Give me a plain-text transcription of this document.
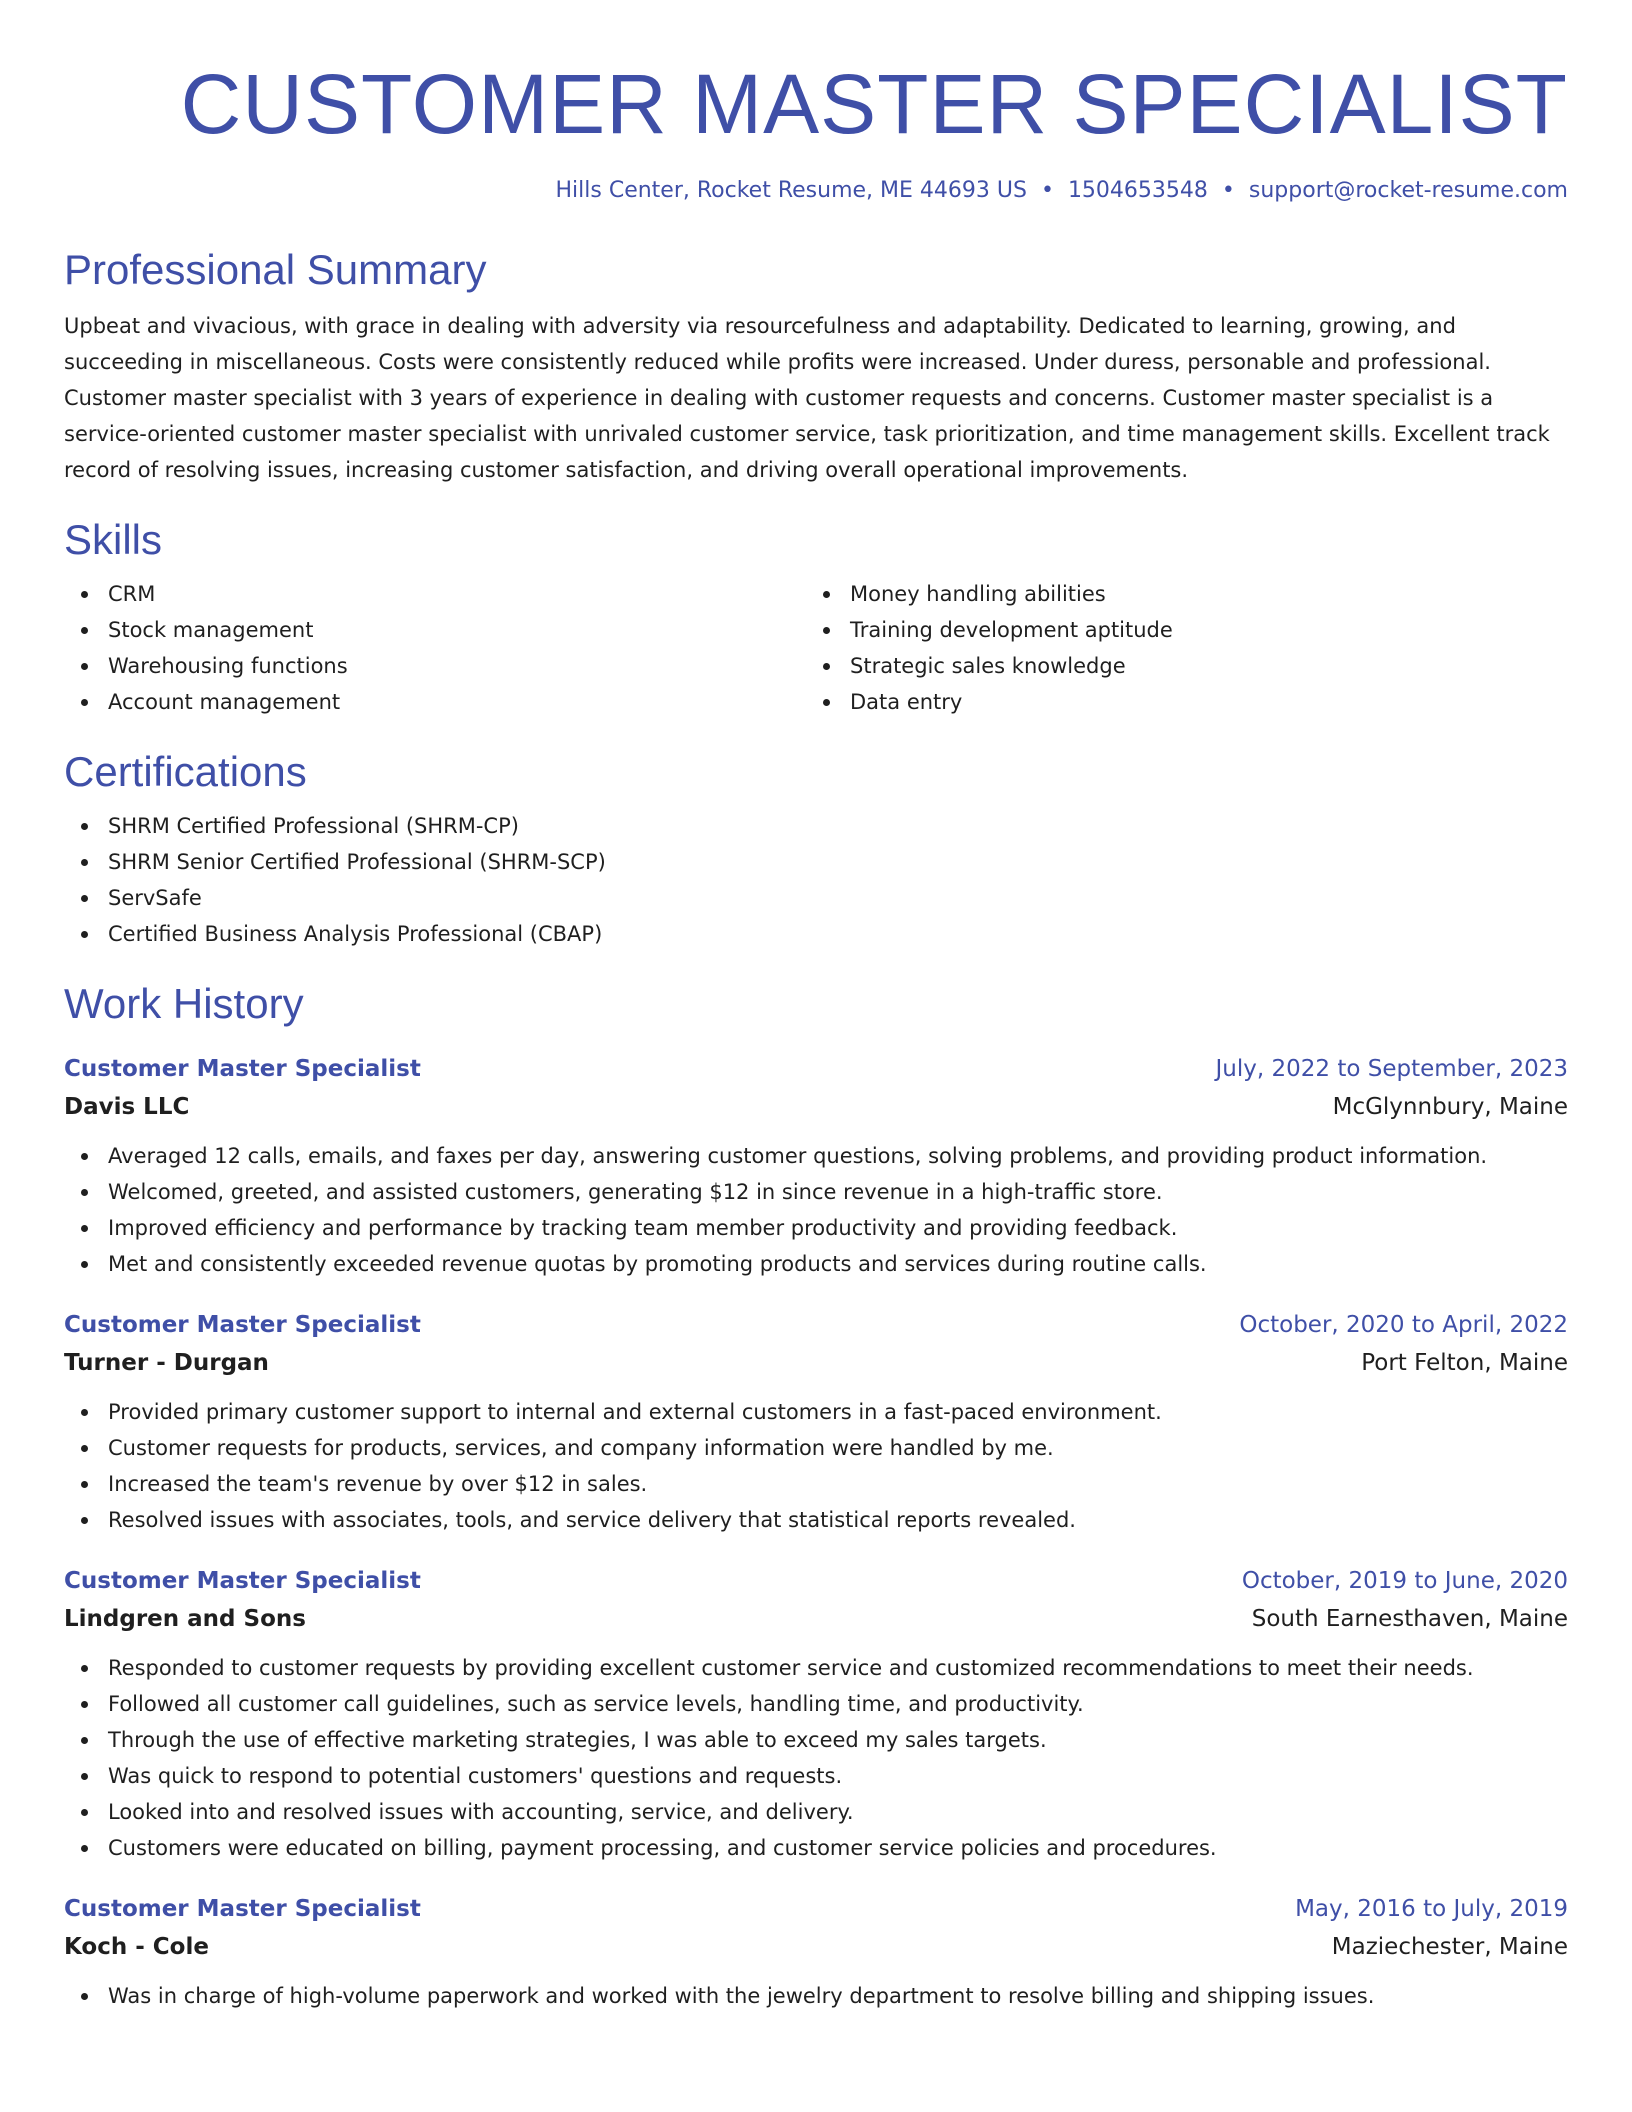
CUSTOMER MASTER SPECIALIST
Hills Center, Rocket Resume, ME 44693 US • 1504653548 • support@rocket-resume.com
Professional Summary

Upbeat and vivacious, with grace in dealing with adversity via resourcefulness and adaptability. Dedicated to learning, growing, and succeeding in miscellaneous. Costs were consistently reduced while profits were increased. Under duress, personable and professional. Customer master specialist with 3 years of experience in dealing with customer requests and concerns. Customer master specialist is a service-oriented customer master specialist with unrivaled customer service, task prioritization, and time management skills. Excellent track record of resolving issues, increasing customer satisfaction, and driving overall operational improvements.

Skills
CRM
Stock management
Warehousing functions
Account management
Money handling abilities
Training development aptitude
Strategic sales knowledge
Data entry
Certifications
SHRM Certified Professional (SHRM-CP)
SHRM Senior Certified Professional (SHRM-SCP)
ServSafe
Certified Business Analysis Professional (CBAP)
Work History
Customer Master Specialist	July, 2022 to September, 2023
Davis LLC	McGlynnbury, Maine
Averaged 12 calls, emails, and faxes per day, answering customer questions, solving problems, and providing product information.
Welcomed, greeted, and assisted customers, generating $12 in since revenue in a high-traffic store.
Improved efficiency and performance by tracking team member productivity and providing feedback.
Met and consistently exceeded revenue quotas by promoting products and services during routine calls.
Customer Master Specialist	October, 2020 to April, 2022
Turner - Durgan	Port Felton, Maine
Provided primary customer support to internal and external customers in a fast-paced environment.
Customer requests for products, services, and company information were handled by me.
Increased the team's revenue by over $12 in sales.
Resolved issues with associates, tools, and service delivery that statistical reports revealed.
Customer Master Specialist	October, 2019 to June, 2020
Lindgren and Sons	South Earnesthaven, Maine
Responded to customer requests by providing excellent customer service and customized recommendations to meet their needs.
Followed all customer call guidelines, such as service levels, handling time, and productivity.
Through the use of effective marketing strategies, I was able to exceed my sales targets.
Was quick to respond to potential customers' questions and requests.
Looked into and resolved issues with accounting, service, and delivery.
Customers were educated on billing, payment processing, and customer service policies and procedures.
Customer Master Specialist	May, 2016 to July, 2019
Koch - Cole	Maziechester, Maine
Was in charge of high-volume paperwork and worked with the jewelry department to resolve billing and shipping issues.
